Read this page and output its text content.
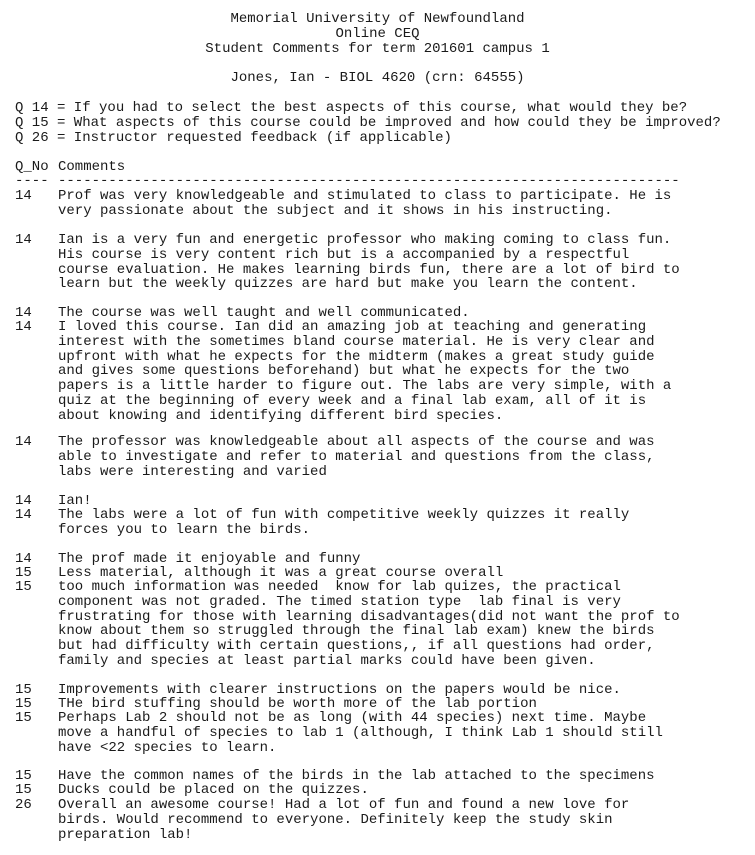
Memorial University of Newfoundland
Online CEQ
Student Comments for term 201601 campus 1
Jones, Ian - BIOL 4620 (crn: 64555)
Q 14 = If you had to select the best aspects of this course, what would they be?
Q 15 = What aspects of this course could be improved and how could they be improved?
Q 26 = Instructor requested feedback (if applicable)
Q_No Comments
---- --------------------------------------------------------------------------
14 Prof was very knowledgeable and stimulated to class to participate. He is
very passionate about the subject and it shows in his instructing.
14 Ian is a very fun and energetic professor who making coming to class fun.
His course is very content rich but is a accompanied by a respectful
course evaluation. He makes learning birds fun, there are a lot of bird to
learn but the weekly quizzes are hard but make you learn the content.
14 The course was well taught and well communicated.
14 I loved this course. Ian did an amazing job at teaching and generating
interest with the sometimes bland course material. He is very clear and
upfront with what he expects for the midterm (makes a great study guide
and gives some questions beforehand) but what he expects for the two
papers is a little harder to figure out. The labs are very simple, with a
quiz at the beginning of every week and a final lab exam, all of it is
about knowing and identifying different bird species.
14 The professor was knowledgeable about all aspects of the course and was
able to investigate and refer to material and questions from the class,
labs were interesting and varied
14 Ian!
14 The labs were a lot of fun with competitive weekly quizzes it really
forces you to learn the birds.
14 The prof made it enjoyable and funny
15 Less material, although it was a great course overall
15 too much information was needed  know for lab quizes, the practical
component was not graded. The timed station type  lab final is very
frustrating for those with learning disadvantages(did not want the prof to
know about them so struggled through the final lab exam) knew the birds
but had difficulty with certain questions,, if all questions had order,
family and species at least partial marks could have been given.
15 Improvements with clearer instructions on the papers would be nice.
15 THe bird stuffing should be worth more of the lab portion
15 Perhaps Lab 2 should not be as long (with 44 species) next time. Maybe
move a handful of species to lab 1 (although, I think Lab 1 should still
have <22 species to learn.
15 Have the common names of the birds in the lab attached to the specimens
15 Ducks could be placed on the quizzes.
26 Overall an awesome course! Had a lot of fun and found a new love for
birds. Would recommend to everyone. Definitely keep the study skin
preparation lab!
